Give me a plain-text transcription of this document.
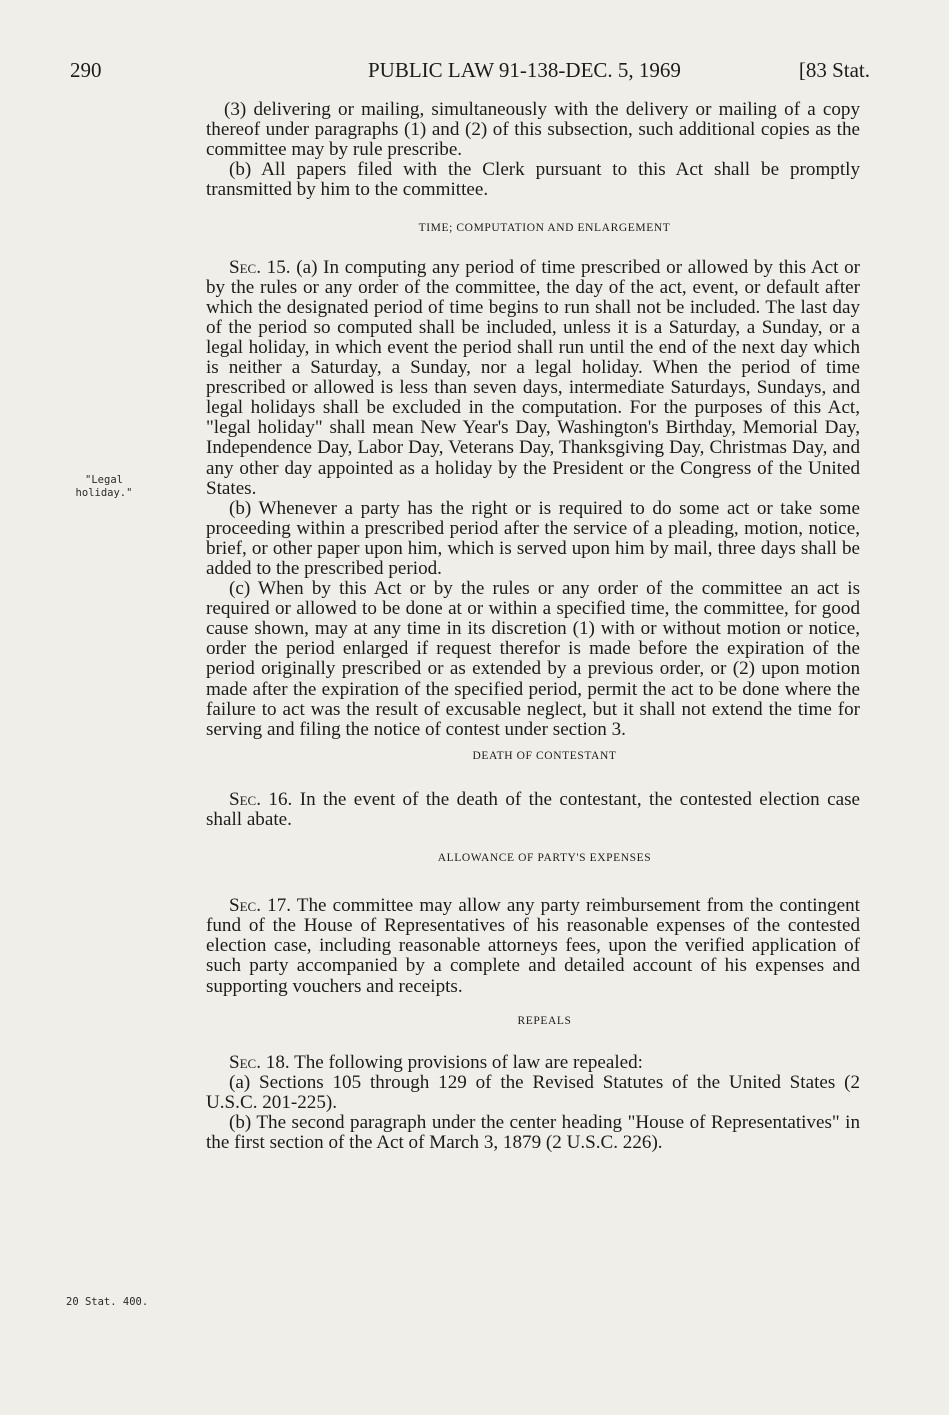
290	PUBLIC LAW 91-138-DEC. 5, 1969	[83 Stat.
"Legal holiday."
20 Stat. 400.

(3) delivering or mailing, simultaneously with the delivery or mailing of a copy thereof under paragraphs (1) and (2) of this subsection, such additional copies as the committee may by rule prescribe.

(b) All papers filed with the Clerk pursuant to this Act shall be promptly transmitted by him to the committee.

TIME; COMPUTATION AND ENLARGEMENT

Sec. 15. (a) In computing any period of time prescribed or allowed by this Act or by the rules or any order of the committee, the day of the act, event, or default after which the designated period of time begins to run shall not be included. The last day of the period so computed shall be included, unless it is a Saturday, a Sunday, or a legal holiday, in which event the period shall run until the end of the next day which is neither a Saturday, a Sunday, nor a legal holiday. When the period of time prescribed or allowed is less than seven days, intermediate Saturdays, Sundays, and legal holidays shall be excluded in the computation. For the purposes of this Act, "legal holiday" shall mean New Year's Day, Washington's Birthday, Memorial Day, Independence Day, Labor Day, Veterans Day, Thanksgiving Day, Christmas Day, and any other day appointed as a holiday by the President or the Congress of the United States.

(b) Whenever a party has the right or is required to do some act or take some proceeding within a prescribed period after the service of a pleading, motion, notice, brief, or other paper upon him, which is served upon him by mail, three days shall be added to the prescribed period.

(c) When by this Act or by the rules or any order of the committee an act is required or allowed to be done at or within a specified time, the committee, for good cause shown, may at any time in its discretion (1) with or without motion or notice, order the period enlarged if request therefor is made before the expiration of the period originally prescribed or as extended by a previous order, or (2) upon motion made after the expiration of the specified period, permit the act to be done where the failure to act was the result of excusable neglect, but it shall not extend the time for serving and filing the notice of contest under section 3.

DEATH OF CONTESTANT

Sec. 16. In the event of the death of the contestant, the contested election case shall abate.

ALLOWANCE OF PARTY'S EXPENSES

Sec. 17. The committee may allow any party reimbursement from the contingent fund of the House of Representatives of his reasonable expenses of the contested election case, including reasonable attorneys fees, upon the verified application of such party accompanied by a complete and detailed account of his expenses and supporting vouchers and receipts.

REPEALS

Sec. 18. The following provisions of law are repealed:

(a) Sections 105 through 129 of the Revised Statutes of the United States (2 U.S.C. 201-225).

(b) The second paragraph under the center heading "House of Representatives" in the first section of the Act of March 3, 1879 (2 U.S.C. 226).
